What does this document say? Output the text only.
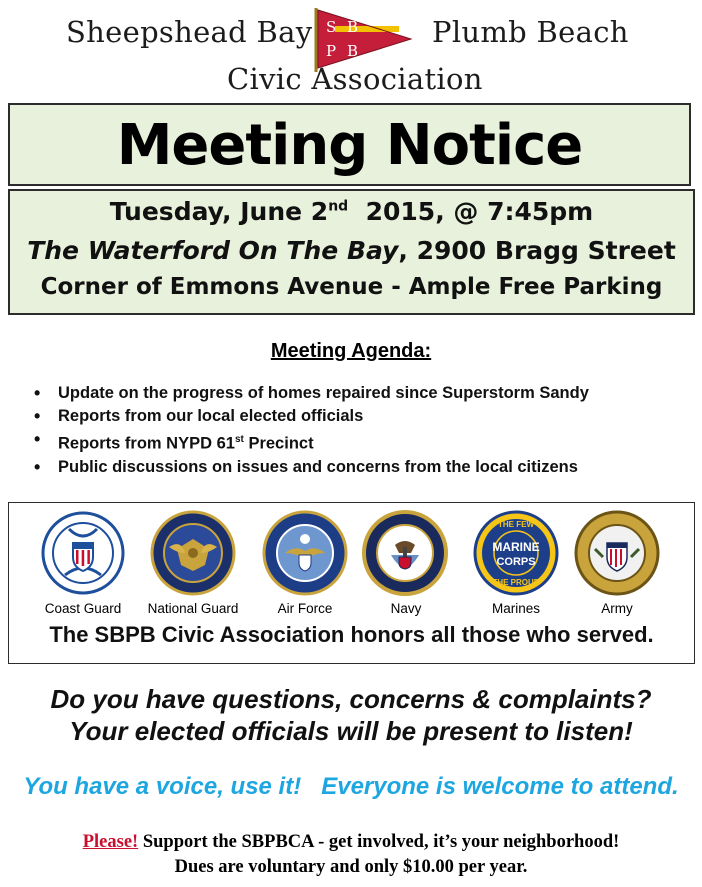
Sheepshead Bay S B
P B
Plumb Beach
Civic Association
Meeting Notice
Tuesday, June 2nd  2015, @ 7:45pm
The Waterford On The Bay, 2900 Bragg Street
Corner of Emmons Avenue - Ample Free Parking
Meeting Agenda:
• Update on the progress of homes repaired since Superstorm Sandy
• Reports from our local elected officials
• Reports from NYPD 61st Precinct
• Public discussions on issues and concerns from the local citizens
THE FEW
MARINE
CORPS
THE PROUD
Coast Guard	National Guard	Air Force	Navy	Marines	Army
The SBPB Civic Association honors all those who served.
Do you have questions, concerns & complaints?
Your elected officials will be present to listen!
You have a voice, use it!   Everyone is welcome to attend.
Please! Support the SBPBCA - get involved, it’s your neighborhood!
Dues are voluntary and only $10.00 per year.
